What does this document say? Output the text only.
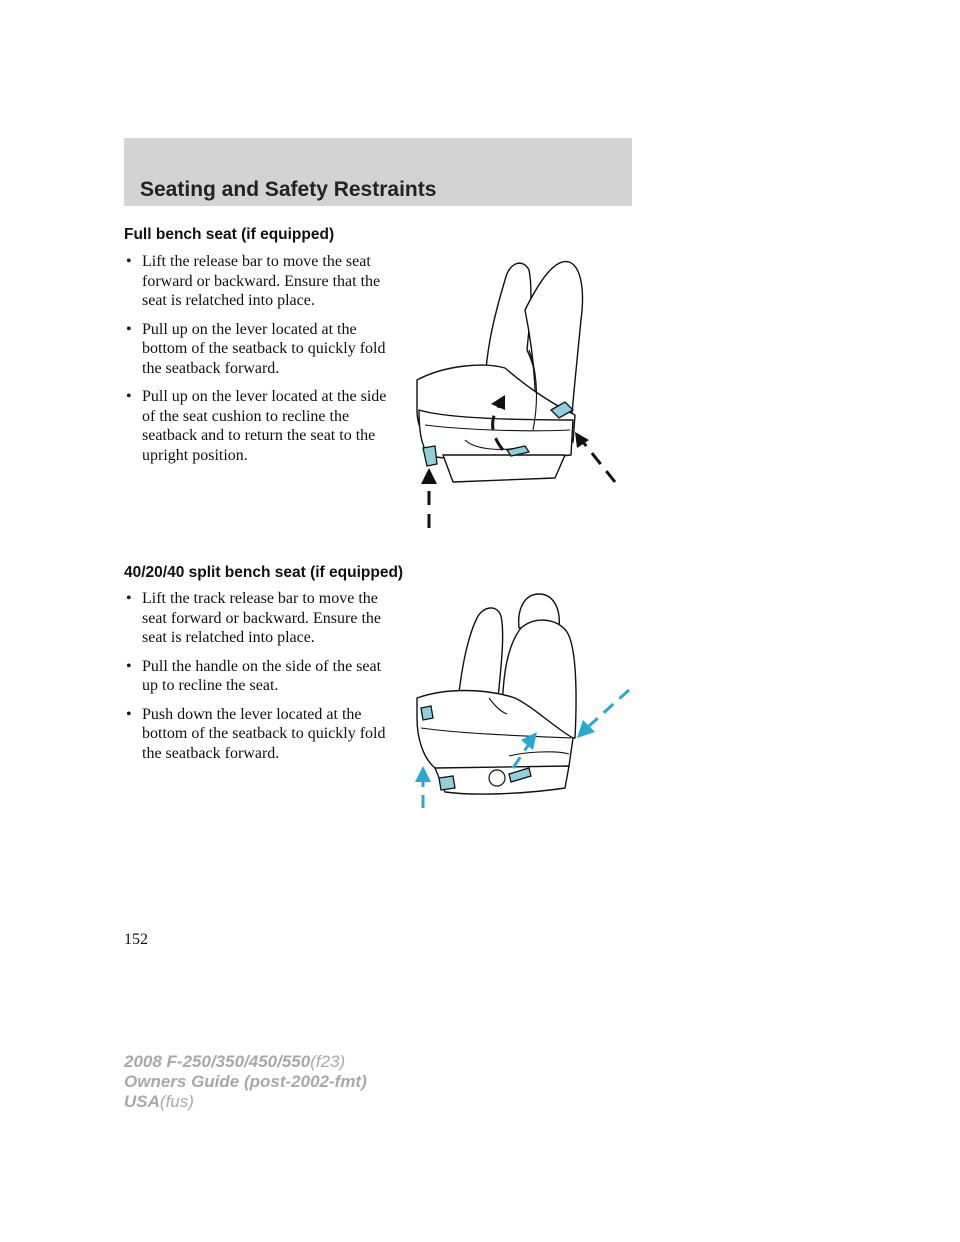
Seating and Safety Restraints
Full bench seat (if equipped)
• Lift the release bar to move the seat forward or backward. Ensure that the seat is relatched into place.
• Pull up on the lever located at the bottom of the seatback to quickly fold the seatback forward.
• Pull up on the lever located at the side of the seat cushion to recline the seatback and to return the seat to the upright position.
40/20/40 split bench seat (if equipped)
• Lift the track release bar to move the seat forward or backward. Ensure the seat is relatched into place.
• Pull the handle on the side of the seat up to recline the seat.
• Push down the lever located at the bottom of the seatback to quickly fold the seatback forward.
152
2008 F-250/350/450/550(f23)
Owners Guide (post-2002-fmt)
USA(fus)
